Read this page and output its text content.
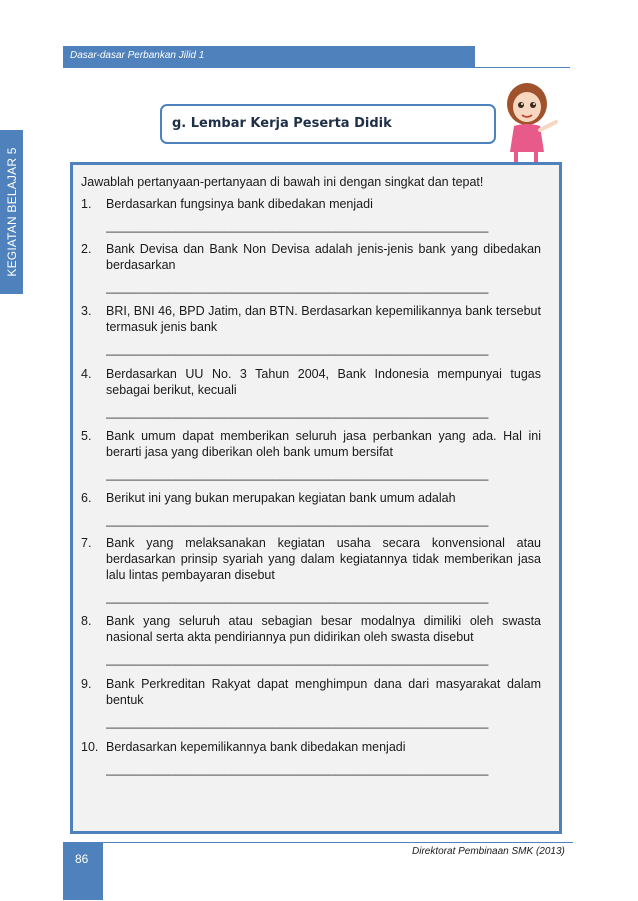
Dasar-dasar Perbankan Jilid 1
KEGIATAN BELAJAR 5
g. Lembar Kerja Peserta Didik
Jawablah pertanyaan-pertanyaan di bawah ini dengan singkat dan tepat!
1. Berdasarkan fungsinya bank dibedakan menjadi
_______________________________________________________
2. Bank Devisa dan Bank Non Devisa adalah jenis-jenis bank yang dibedakan berdasarkan
_______________________________________________________
3. BRI, BNI 46, BPD Jatim, dan BTN. Berdasarkan kepemilikannya bank tersebut termasuk jenis bank
_______________________________________________________
4. Berdasarkan UU No. 3 Tahun 2004, Bank Indonesia mempunyai tugas sebagai berikut, kecuali
_______________________________________________________
5. Bank umum dapat memberikan seluruh jasa perbankan yang ada. Hal ini berarti jasa yang diberikan oleh bank umum bersifat
_______________________________________________________
6. Berikut ini yang bukan merupakan kegiatan bank umum adalah
_______________________________________________________
7. Bank yang melaksanakan kegiatan usaha secara konvensional atau berdasarkan prinsip syariah yang dalam kegiatannya tidak memberikan jasa lalu lintas pembayaran disebut
_______________________________________________________
8. Bank yang seluruh atau sebagian besar modalnya dimiliki oleh swasta nasional serta akta pendiriannya pun didirikan oleh swasta disebut
_______________________________________________________
9. Bank Perkreditan Rakyat dapat menghimpun dana dari masyarakat dalam bentuk
_______________________________________________________
10. Berdasarkan kepemilikannya bank dibedakan menjadi
_______________________________________________________
86
Direktorat Pembinaan SMK (2013)
